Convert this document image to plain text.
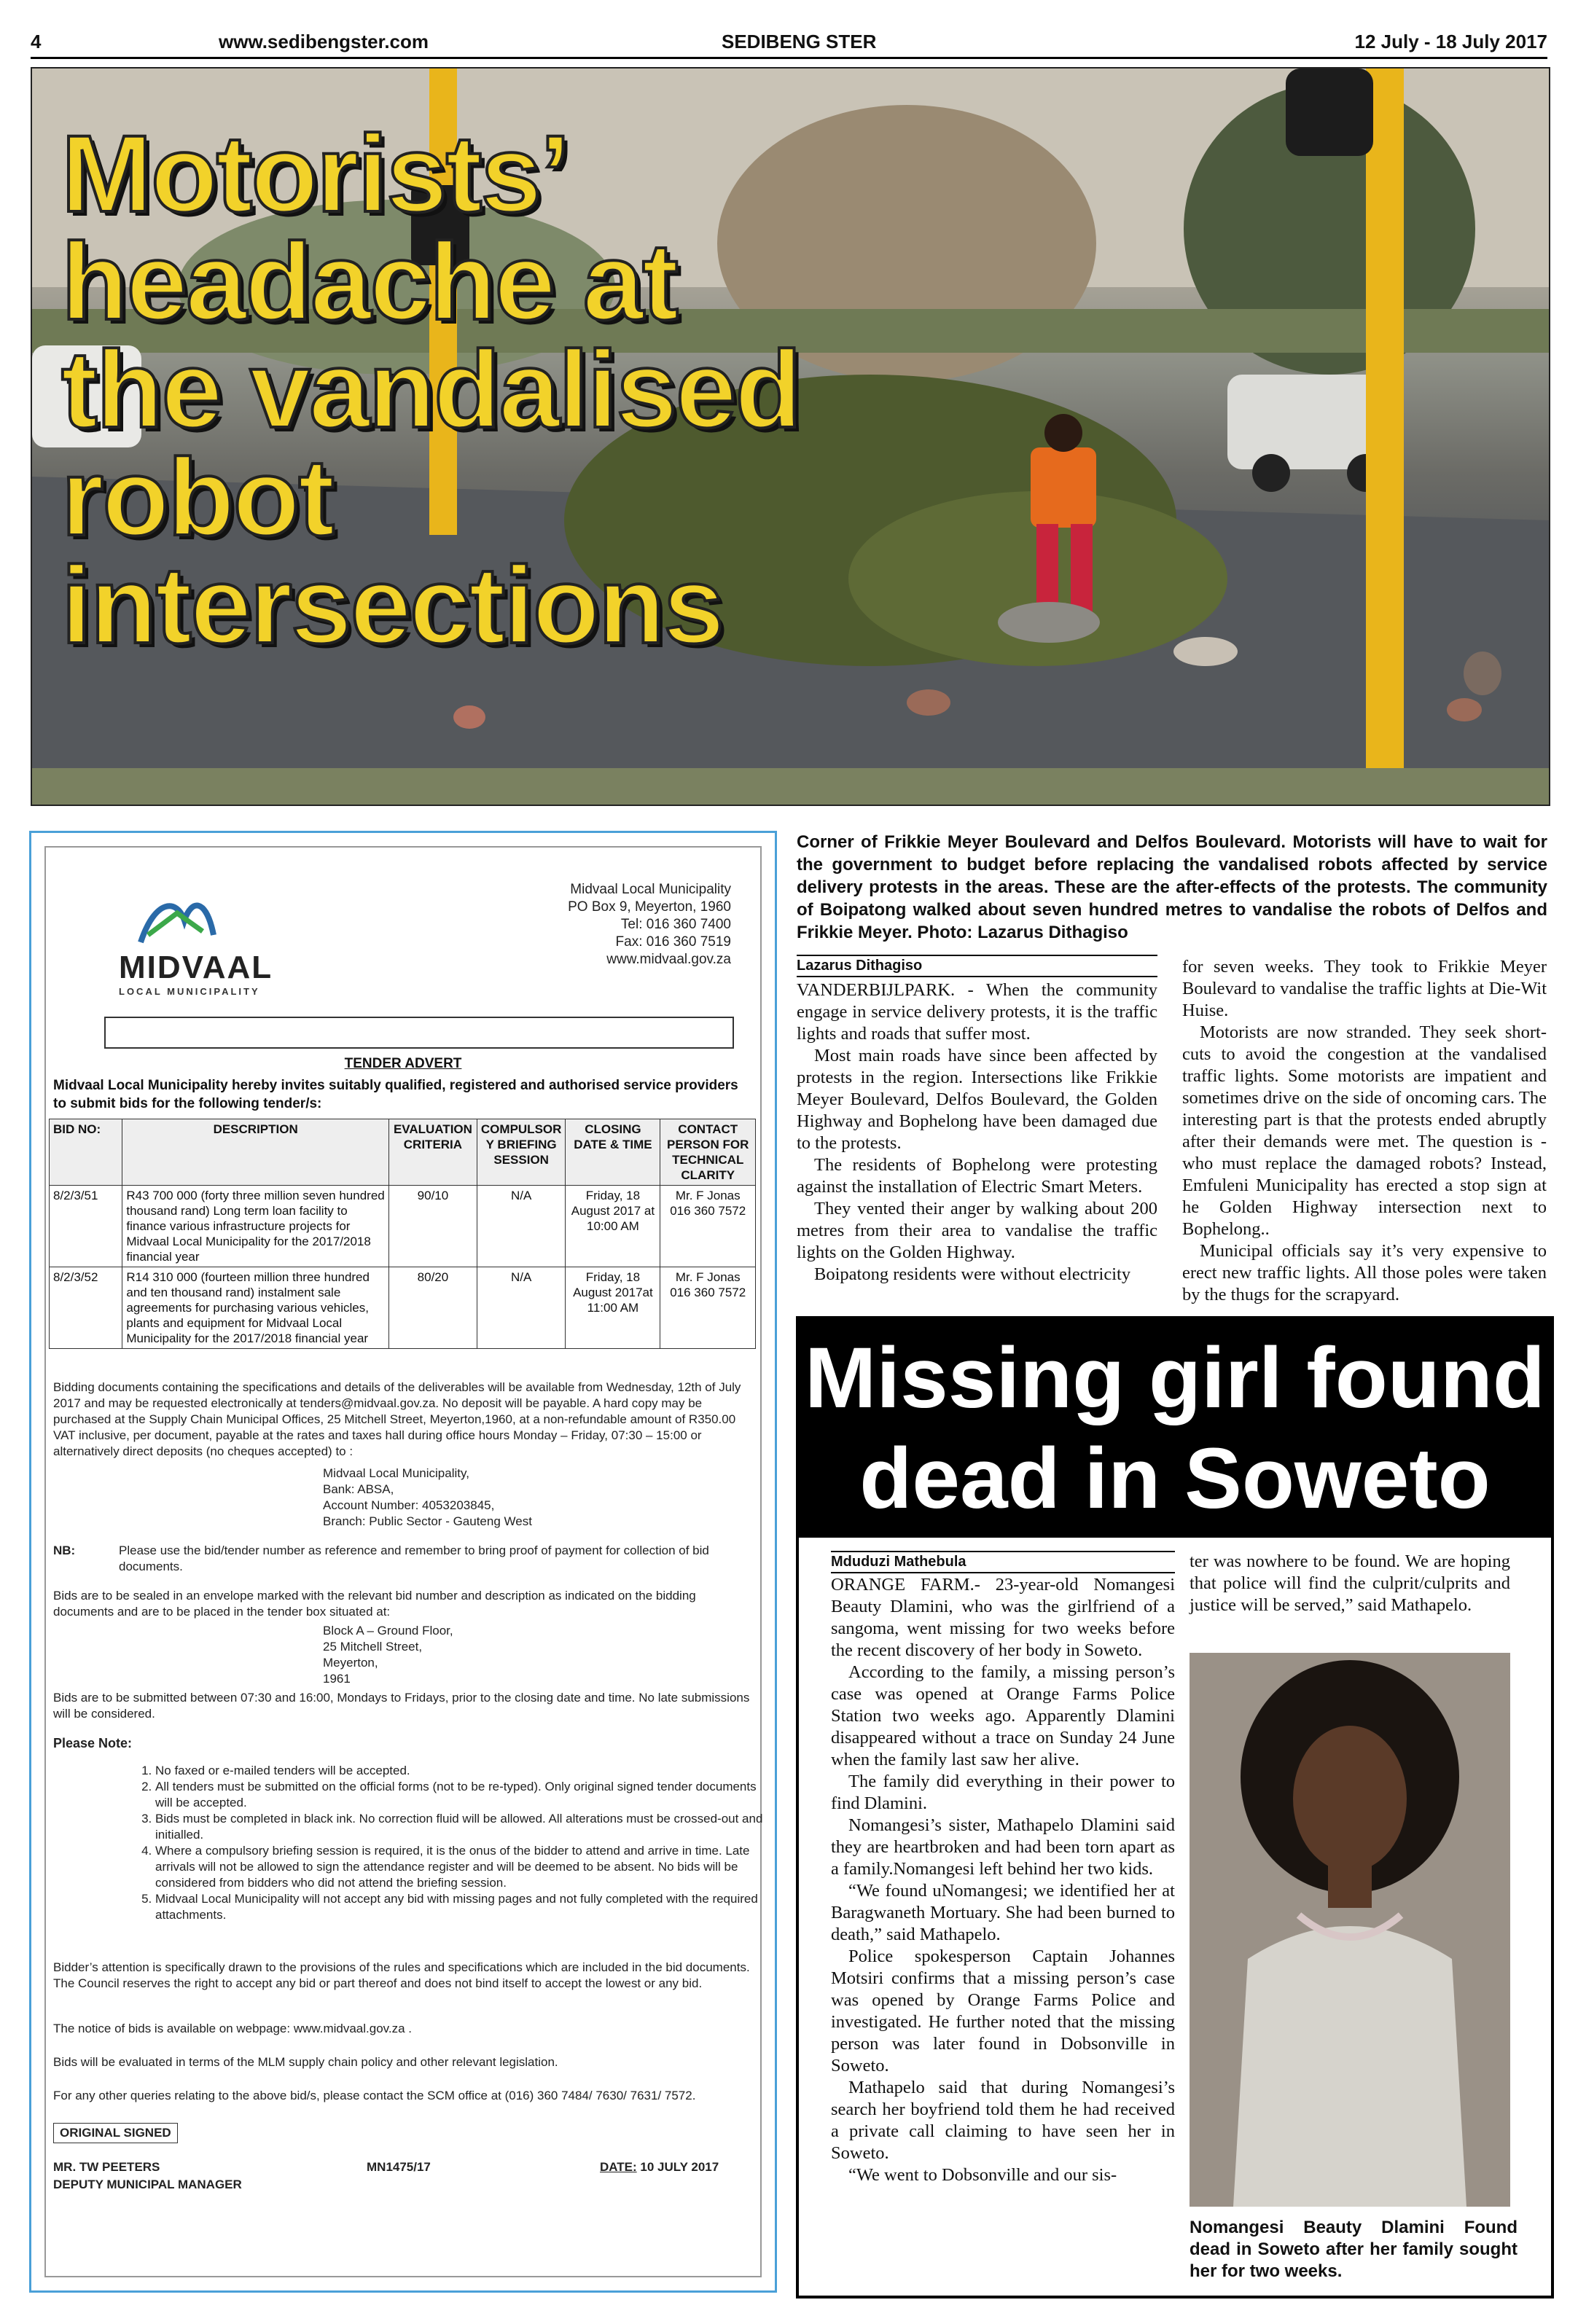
4	www.sedibengster.com	SEDIBENG STER	12 July - 18 July 2017
Motorists’
headache at
the vandalised
robot
intersections
Corner of Frikkie Meyer Boulevard and Delfos Boulevard. Motorists will have to wait for the government to budget before replacing the vandalised robots affected by service delivery protests in the areas. These are the after-effects of the protests. The community of Boipatong walked about seven hundred metres to vandalise the robots of Delfos and Frikkie Meyer. Photo: Lazarus Dithagiso
Lazarus Dithagiso

VANDERBIJLPARK. - When the community engage in service delivery protests, it is the traffic lights and roads that suffer most.

Most main roads have since been affected by protests in the region. Intersections like Frikkie Meyer Boulevard, Delfos Boulevard, the Golden Highway and Bophelong have been damaged due to the protests.

The residents of Bophelong were protesting against the installation of Electric Smart Meters.

They vented their anger by walking about 200 metres from their area to vandalise the traffic lights on the Golden Highway.

Boipatong residents were without electricity

for seven weeks. They took to Frikkie Meyer Boulevard to vandalise the traffic lights at Die-Wit Huise.

Motorists are now stranded. They seek short-cuts to avoid the congestion at the vandalised traffic lights. Some motorists are impatient and sometimes drive on the side of oncoming cars. The interesting part is that the protests ended abruptly after their demands were met. The question is - who must replace the damaged robots? Instead, Emfuleni Municipality has erected a stop sign at he Golden Highway intersection next to Bophelong..

Municipal officials say it’s very expensive to erect new traffic lights. All those poles were taken by the thugs for the scrapyard.

MIDVAAL
LOCAL MUNICIPALITY
Midvaal Local Municipality
PO Box 9, Meyerton, 1960
Tel: 016 360 7400
Fax: 016 360 7519
www.midvaal.gov.za
TENDER ADVERT
Midvaal Local Municipality hereby invites suitably qualified, registered and authorised service providers to submit bids for the following tender/s:
BID NO:	DESCRIPTION	EVALUATION CRITERIA	COMPULSOR Y BRIEFING SESSION	CLOSING DATE & TIME	CONTACT PERSON FOR TECHNICAL CLARITY
8/2/3/51	R43 700 000 (forty three million seven hundred thousand rand) Long term loan facility to finance various infrastructure projects for Midvaal Local Municipality for the 2017/2018 financial year	90/10	N/A	Friday, 18 August 2017 at 10:00 AM	Mr. F Jonas 016 360 7572
8/2/3/52	R14 310 000 (fourteen million three hundred and ten thousand rand) instalment sale agreements for purchasing various vehicles, plants and equipment for Midvaal Local Municipality for the 2017/2018 financial year	80/20	N/A	Friday, 18 August 2017at 11:00 AM	Mr. F Jonas 016 360 7572
Bidding documents containing the specifications and details of the deliverables will be available from Wednesday, 12th of July 2017 and may be requested electronically at tenders@midvaal.gov.za. No deposit will be payable. A hard copy may be purchased at the Supply Chain Municipal Offices, 25 Mitchell Street, Meyerton,1960, at a non-refundable amount of R350.00 VAT inclusive, per document, payable at the rates and taxes hall during office hours Monday – Friday, 07:30 – 15:00 or alternatively direct deposits (no cheques accepted) to :
Midvaal Local Municipality,
Bank: ABSA,
Account Number: 4053203845,
Branch: Public Sector - Gauteng West
NB:	Please use the bid/tender number as reference and remember to bring proof of payment for collection of bid documents.
Bids are to be sealed in an envelope marked with the relevant bid number and description as indicated on the bidding documents and are to be placed in the tender box situated at:
Block A – Ground Floor,
25 Mitchell Street,
Meyerton,
1961
Bids are to be submitted between 07:30 and 16:00, Mondays to Fridays, prior to the closing date and time. No late submissions will be considered.
Please Note:
1. No faxed or e-mailed tenders will be accepted.
2. All tenders must be submitted on the official forms (not to be re-typed). Only original signed tender documents will be accepted.
3. Bids must be completed in black ink. No correction fluid will be allowed. All alterations must be crossed-out and initialled.
4. Where a compulsory briefing session is required, it is the onus of the bidder to attend and arrive in time. Late arrivals will not be allowed to sign the attendance register and will be deemed to be absent. No bids will be considered from bidders who did not attend the briefing session.
5. Midvaal Local Municipality will not accept any bid with missing pages and not fully completed with the required attachments.
Bidder’s attention is specifically drawn to the provisions of the rules and specifications which are included in the bid documents. The Council reserves the right to accept any bid or part thereof and does not bind itself to accept the lowest or any bid.
The notice of bids is available on webpage: www.midvaal.gov.za .
Bids will be evaluated in terms of the MLM supply chain policy and other relevant legislation.
For any other queries relating to the above bid/s, please contact the SCM office at (016) 360 7484/ 7630/ 7631/ 7572.
ORIGINAL SIGNED
MR. TW PEETERS
DEPUTY MUNICIPAL MANAGER
MN1475/17	DATE: 10 JULY 2017
Missing girl found
dead in Soweto
Mduduzi Mathebula

ORANGE FARM.- 23-year-old Nomangesi Beauty Dlamini, who was the girlfriend of a sangoma, went missing for two weeks before the recent discovery of her body in Soweto.

According to the family, a missing person’s case was opened at Orange Farms Police Station two weeks ago. Apparently Dlamini disappeared without a trace on Sunday 24 June when the family last saw her alive.

The family did everything in their power to find Dlamini.

Nomangesi’s sister, Mathapelo Dlamini said they are heartbroken and had been torn apart as a family.Nomangesi left behind her two kids.

“We found uNomangesi; we identified her at Baragwaneth Mortuary. She had been burned to death,” said Mathapelo.

Police spokesperson Captain Johannes Motsiri confirms that a missing person’s case was opened by Orange Farms Police and investigated. He further noted that the missing person was later found in Dobsonville in Soweto.

Mathapelo said that during Nomangesi’s search her boyfriend told them he had received a private call claiming to have seen her in Soweto.

“We went to Dobsonville and our sis-

ter was nowhere to be found. We are hoping that police will find the culprit/culprits and justice will be served,” said Mathapelo.

Nomangesi Beauty Dlamini Found dead in Soweto after her family sought her for two weeks.
